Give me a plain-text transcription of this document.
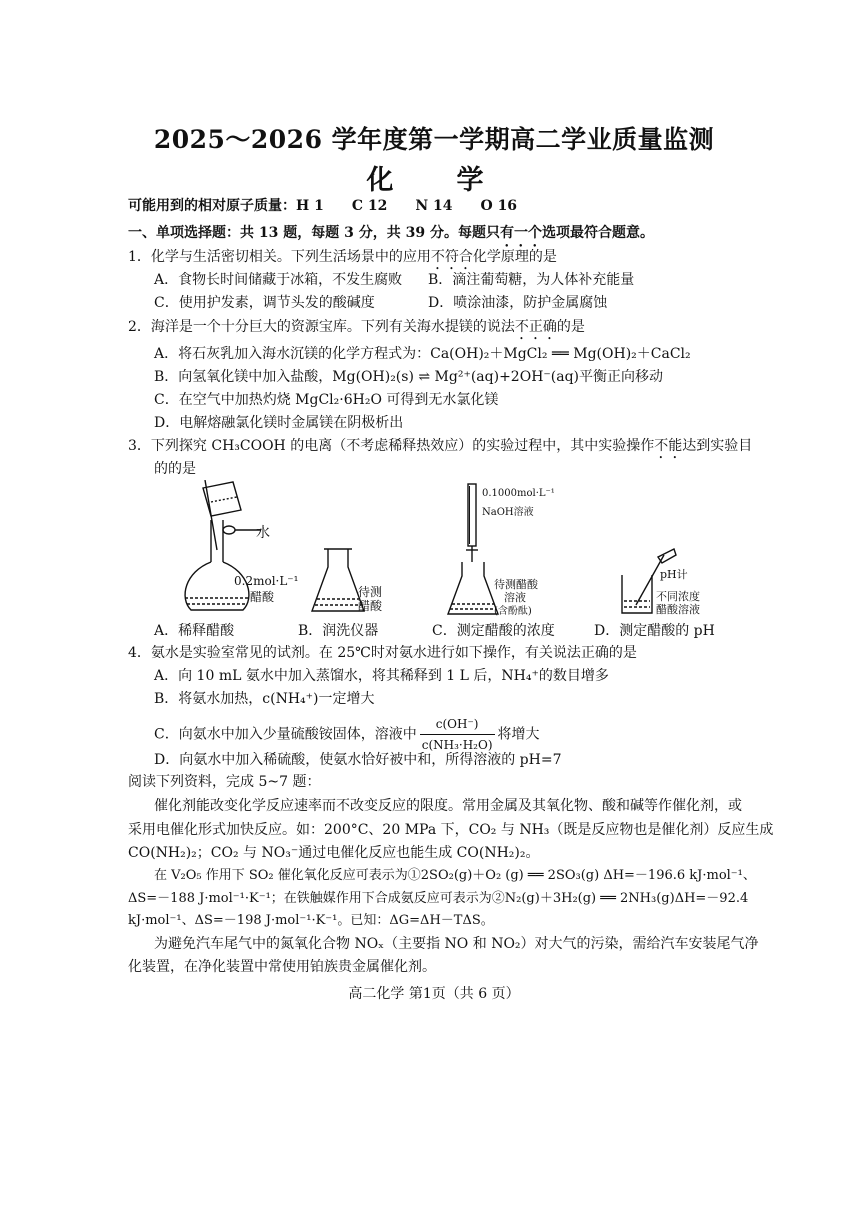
2025～2026 学年度第一学期高二学业质量监测
化　学
可能用到的相对原子质量：H 1　　C 12　　N 14　　O 16
一、单项选择题：共 13 题，每题 3 分，共 39 分。每题只有一个选项最符合题意。
1．化学与生活密切相关。下列生活场景中的应用不符合化学原理的是
A．食物长时间储藏于冰箱，不发生腐败 B．滴注葡萄糖，为人体补充能量
C．使用护发素，调节头发的酸碱度	D．喷涂油漆，防护金属腐蚀
2．海洋是一个十分巨大的资源宝库。下列有关海水提镁的说法不正确的是
A．将石灰乳加入海水沉镁的化学方程式为：Ca(OH)₂＋MgCl₂ ══ Mg(OH)₂＋CaCl₂
B．向氢氧化镁中加入盐酸，Mg(OH)₂(s) ⇌ Mg²⁺(aq)+2OH⁻(aq)平衡正向移动
C．在空气中加热灼烧 MgCl₂·6H₂O 可得到无水氯化镁
D．电解熔融氯化镁时金属镁在阴极析出
3．下列探究 CH₃COOH 的电离（不考虑稀释热效应）的实验过程中，其中实验操作不能达到实验目
的的是
水
0.2mol·L⁻¹
醋酸	待测
醋酸
0.1000mol·L⁻¹
NaOH溶液
待测醋酸
溶液
(含酚酞)
pH计
不同浓度
醋酸溶液
A．稀释醋酸	B．润洗仪器	C．测定醋酸的浓度	D．测定醋酸的 pH
4．氨水是实验室常见的试剂。在 25℃时对氨水进行如下操作，有关说法正确的是
A．向 10 mL 氨水中加入蒸馏水，将其稀释到 1 L 后，NH₄⁺的数目增多
B．将氨水加热，c(NH₄⁺)一定增大
C．向氨水中加入少量硫酸铵固体，溶液中 $\frac{c(OH^-)}{\text{c(NH₃·H₂O)}}$ 将增大
D．向氨水中加入稀硫酸，使氨水恰好被中和，所得溶液的 pH=7
阅读下列资料，完成 5~7 题：
催化剂能改变化学反应速率而不改变反应的限度。常用金属及其氧化物、酸和碱等作催化剂，或
采用电催化形式加快反应。如：200°C、20 MPa 下，CO₂ 与 NH₃（既是反应物也是催化剂）反应生成
CO(NH₂)₂；CO₂ 与 NO₃⁻通过电催化反应也能生成 CO(NH₂)₂。
在 V₂O₅ 作用下 SO₂ 催化氧化反应可表示为①2SO₂(g)＋O₂ (g) ══ 2SO₃(g) ΔH=－196.6 kJ·mol⁻¹、
ΔS=－188 J·mol⁻¹·K⁻¹；在铁触媒作用下合成氨反应可表示为②N₂(g)＋3H₂(g) ══ 2NH₃(g)ΔH=－92.4
kJ·mol⁻¹、ΔS=－198 J·mol⁻¹·K⁻¹。已知：ΔG=ΔH－TΔS。
为避免汽车尾气中的氮氧化合物 NOₓ（主要指 NO 和 NO₂）对大气的污染，需给汽车安装尾气净
化装置，在净化装置中常使用铂族贵金属催化剂。
高二化学 第1页（共 6 页）
